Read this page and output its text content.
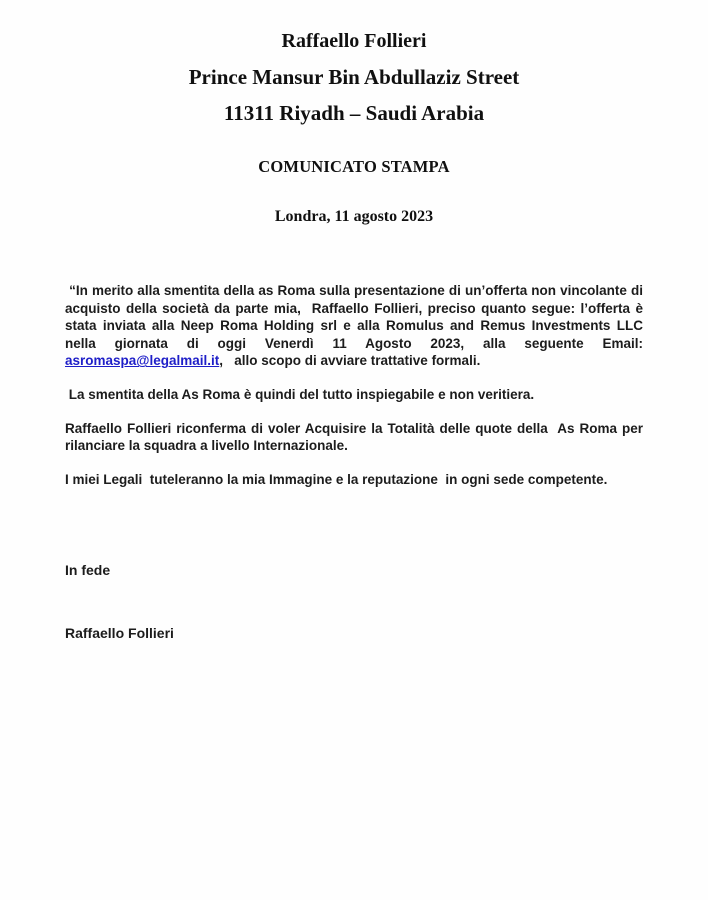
Raffaello Follieri
Prince Mansur Bin Abdullaziz Street
11311 Riyadh – Saudi Arabia
COMUNICATO STAMPA
Londra, 11 agosto 2023

“In merito alla smentita della as Roma sulla presentazione di un’offerta non vincolante di acquisto della società da parte mia,  Raffaello Follieri, preciso quanto segue: l’offerta è stata inviata alla Neep Roma Holding srl e alla Romulus and Remus Investments LLC nella giornata di oggi Venerdì 11 Agosto 2023, alla seguente Email: asromaspa@legalmail.it,   allo scopo di avviare trattative formali.

La smentita della As Roma è quindi del tutto inspiegabile e non veritiera.

Raffaello Follieri riconferma di voler Acquisire la Totalità delle quote della  As Roma per rilanciare la squadra a livello Internazionale.

I miei Legali  tuteleranno la mia Immagine e la reputazione  in ogni sede competente.

In fede

Raffaello Follieri
